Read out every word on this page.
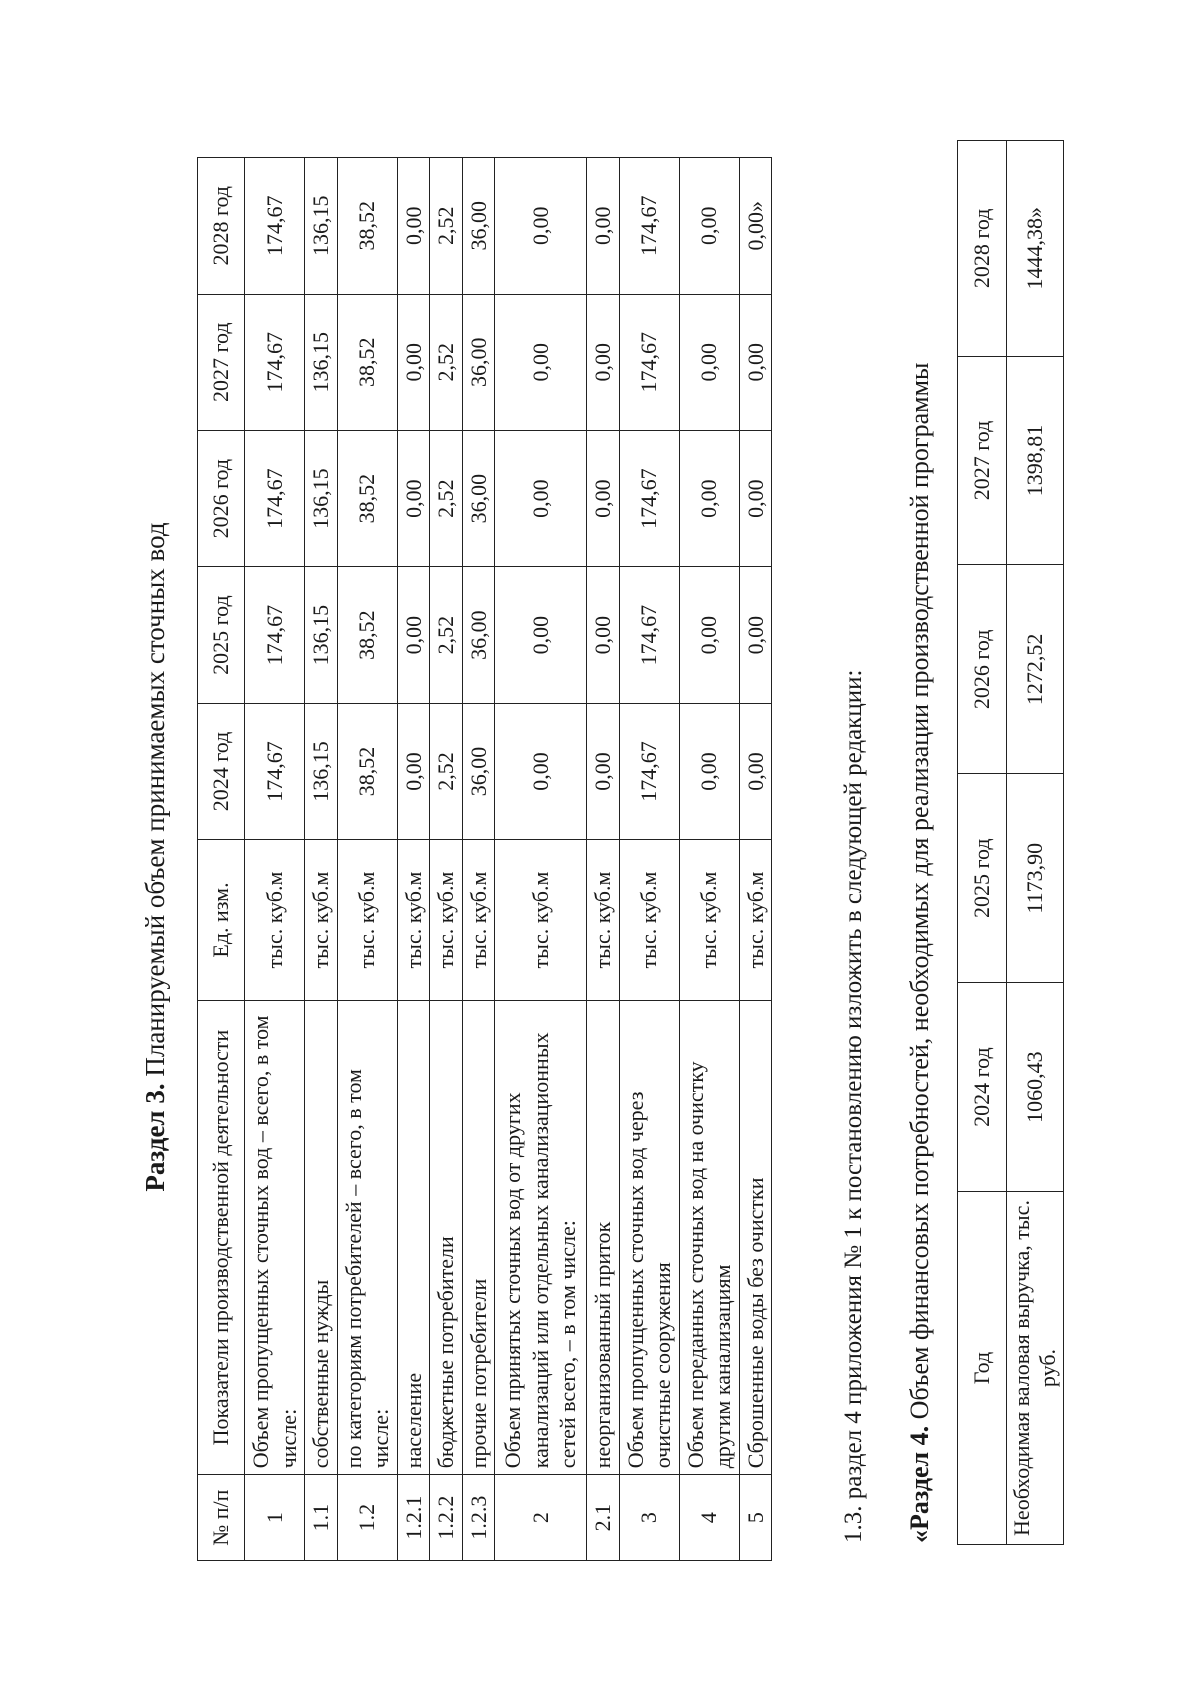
Раздел 3. Планируемый объем принимаемых сточных вод
№ п/п	Показатели производственной деятельности	Ед. изм.	2024 год	2025 год	2026 год	2027 год	2028 год
1	Объем пропущенных сточных вод – всего, в том числе:	тыс. куб.м	174,67	174,67	174,67	174,67	174,67
1.1	собственные нужды	тыс. куб.м	136,15	136,15	136,15	136,15	136,15
1.2	по категориям потребителей – всего, в том числе:	тыс. куб.м	38,52	38,52	38,52	38,52	38,52
1.2.1	население	тыс. куб.м	0,00	0,00	0,00	0,00	0,00
1.2.2	бюджетные потребители	тыс. куб.м	2,52	2,52	2,52	2,52	2,52
1.2.3	прочие потребители	тыс. куб.м	36,00	36,00	36,00	36,00	36,00
2	Объем принятых сточных вод от других канализаций или отдельных канализационных сетей всего, – в том числе:	тыс. куб.м	0,00	0,00	0,00	0,00	0,00
2.1	неорганизованный приток	тыс. куб.м	0,00	0,00	0,00	0,00	0,00
3	Объем пропущенных сточных вод через очистные сооружения	тыс. куб.м	174,67	174,67	174,67	174,67	174,67
4	Объем переданных сточных вод на очистку другим канализациям	тыс. куб.м	0,00	0,00	0,00	0,00	0,00
5	Сброшенные воды без очистки	тыс. куб.м	0,00	0,00	0,00	0,00	0,00»
1.3. раздел 4 приложения № 1 к постановлению изложить в следующей редакции: «Раздел 4. Объем финансовых потребностей, необходимых для реализации производственной программы Год	2024 год	2025 год	2026 год	2027 год	2028 год
Необходимая валовая выручка, тыс. руб.	1060,43	1173,90	1272,52	1398,81	1444,38»
